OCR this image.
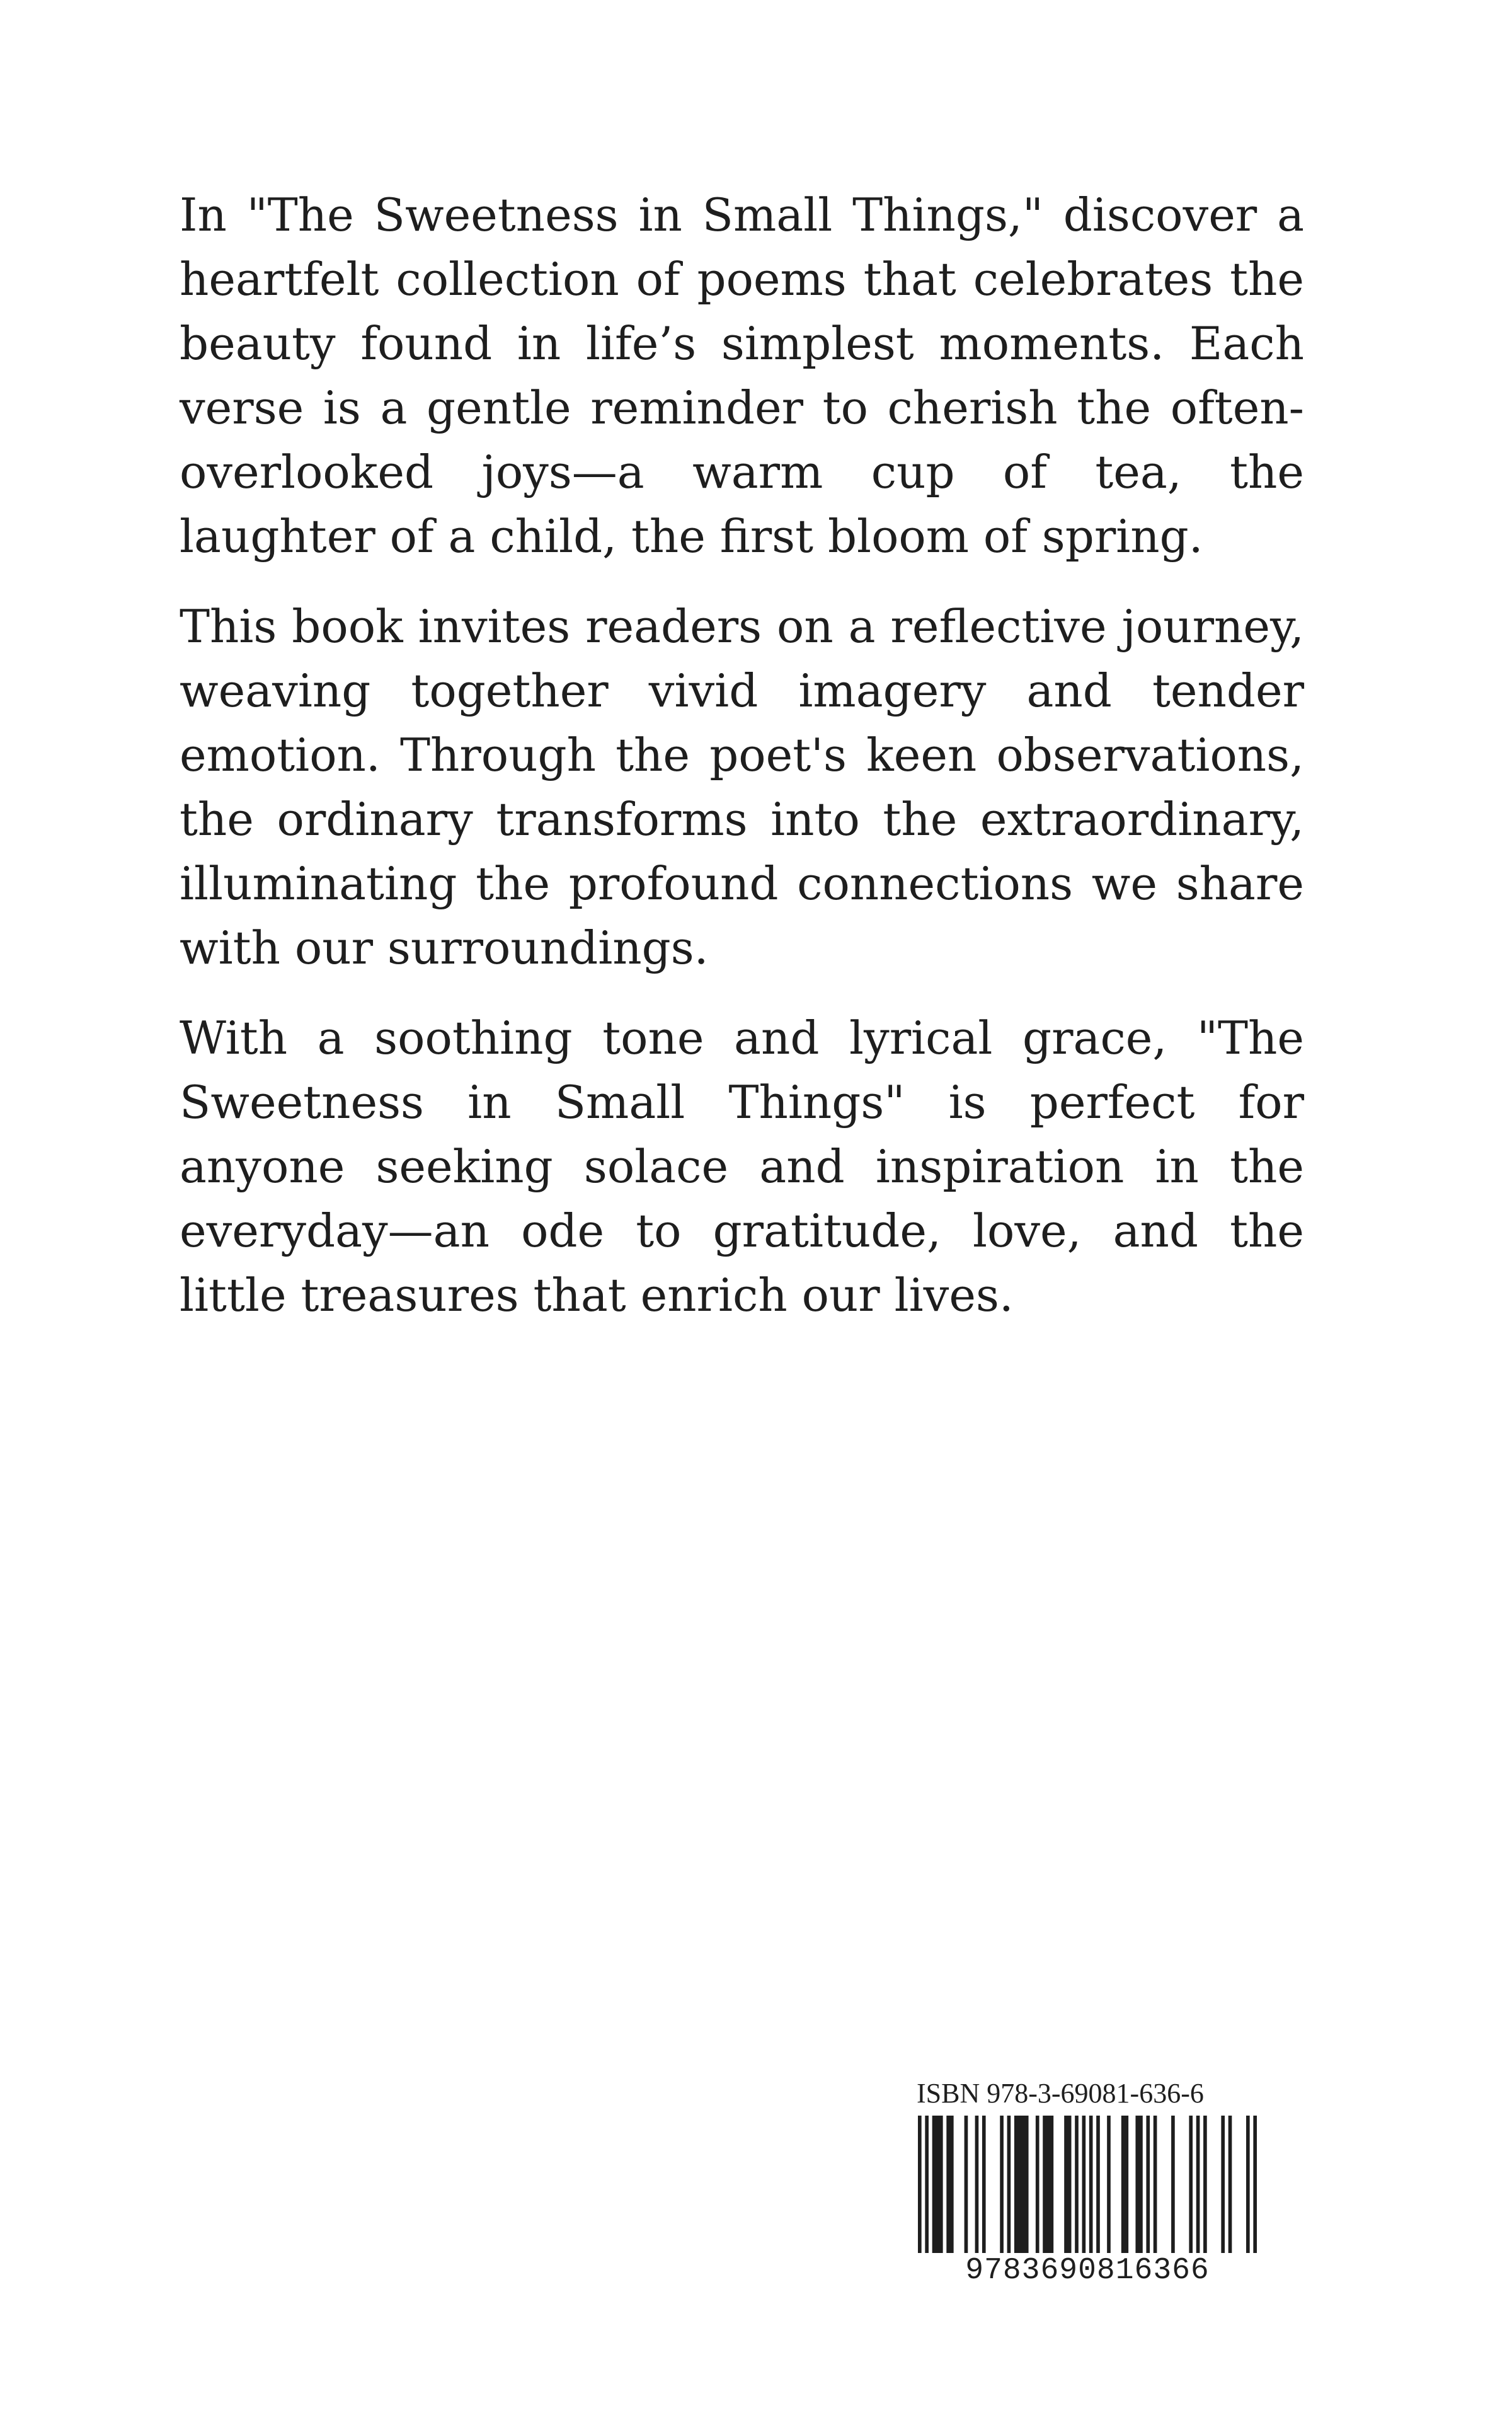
In "The Sweetness in Small Things," discover a heartfelt collection of poems that celebrates the beauty found in life’s simplest moments. Each verse is a gentle reminder to cherish the often-overlooked joys—a warm cup of tea, the laughter of a child, the first bloom of spring.

This book invites readers on a reflective journey, weaving together vivid imagery and tender emotion. Through the poet's keen observations, the ordinary transforms into the extraordinary, illuminating the profound connections we share with our surroundings.

With a soothing tone and lyrical grace, "The Sweetness in Small Things" is perfect for anyone seeking solace and inspiration in the everyday—an ode to gratitude, love, and the little treasures that enrich our lives.

ISBN 978-3-69081-636-6
9783690816366
